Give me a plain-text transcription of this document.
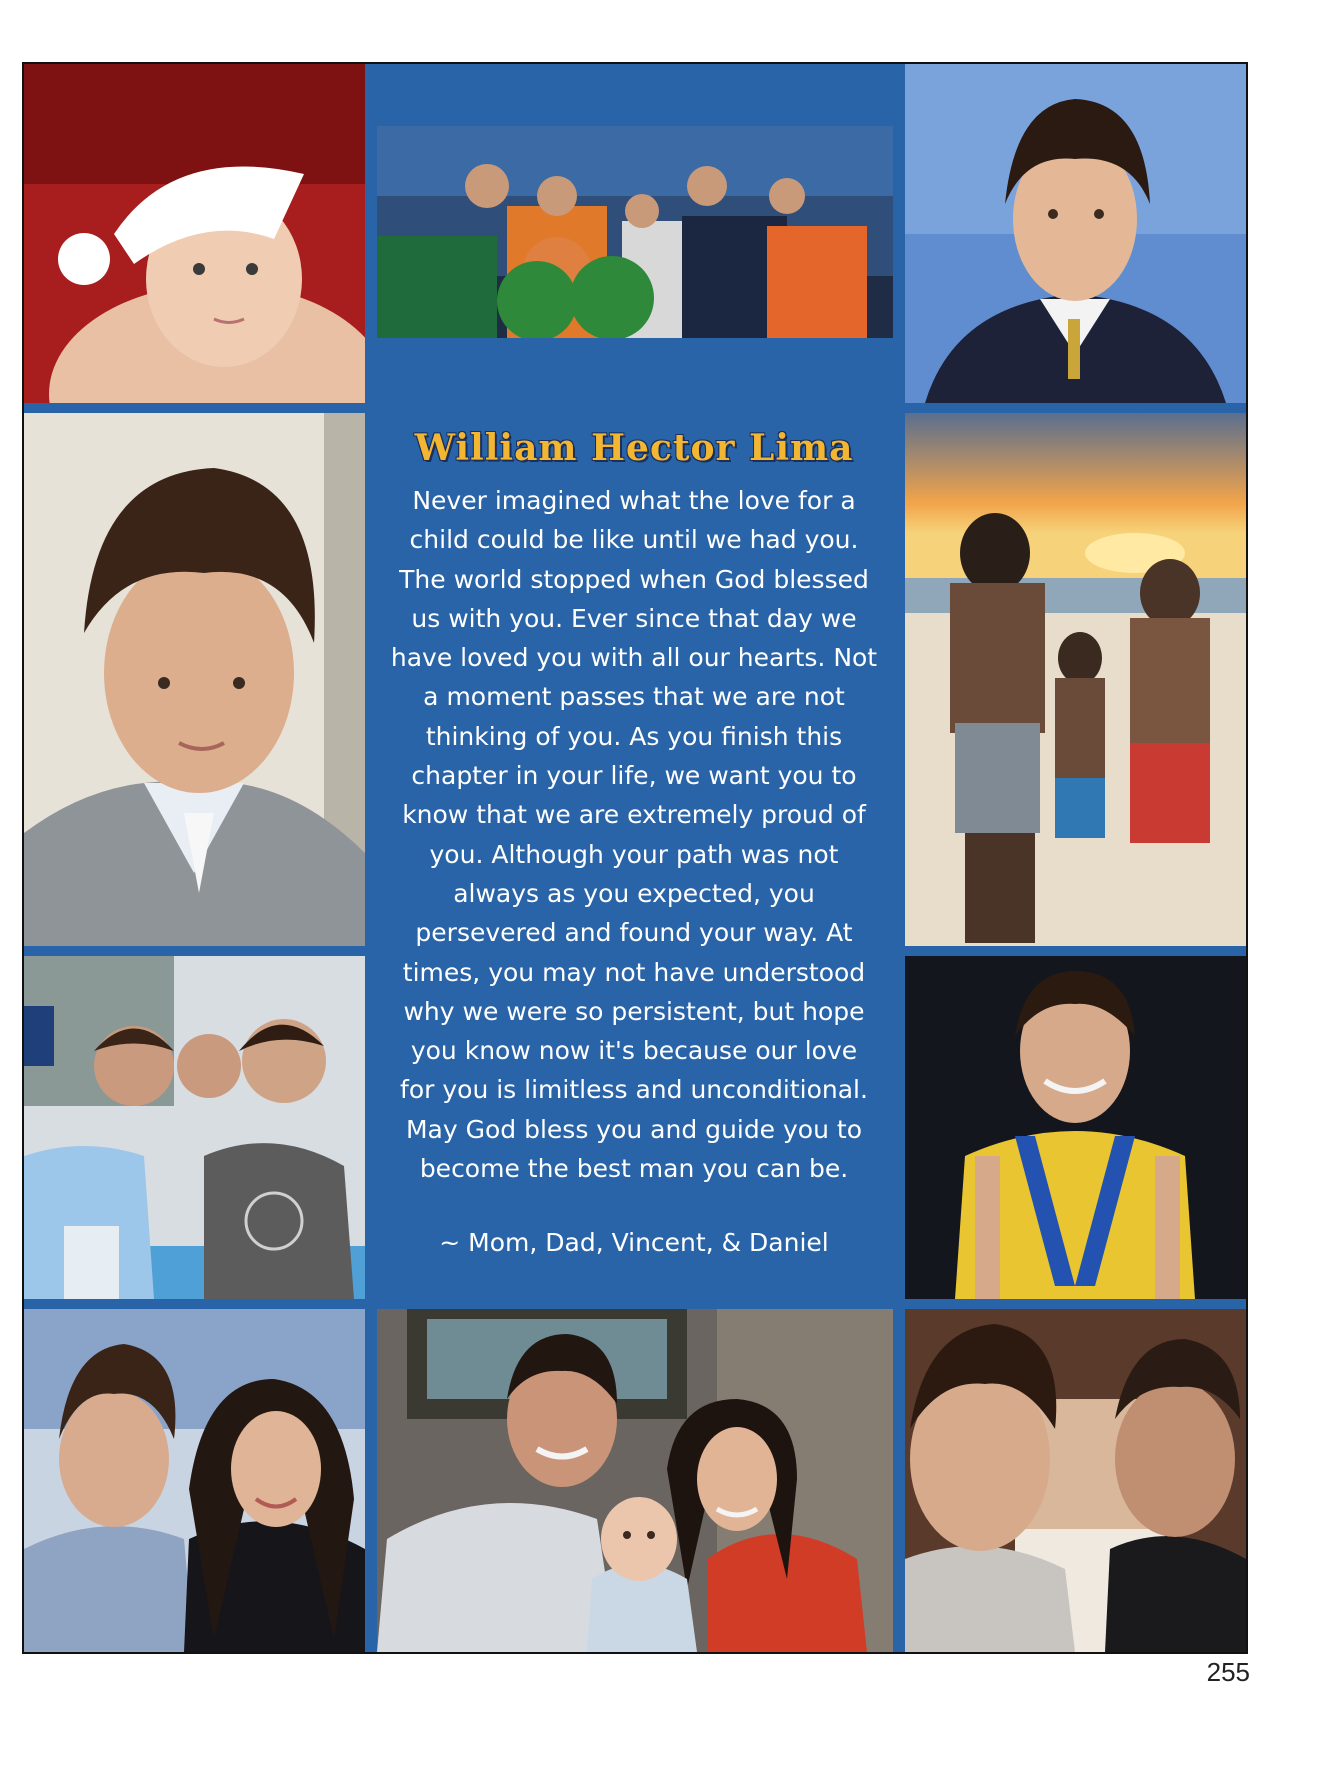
William Hector Lima
Never imagined what the love for a
child could be like until we had you.
The world stopped when God blessed
us with you. Ever since that day we
have loved you with all our hearts. Not
a moment passes that we are not
thinking of you. As you finish this
chapter in your life, we want you to
know that we are extremely proud of
you. Although your path was not
always as you expected, you
persevered and found your way. At
times, you may not have understood
why we were so persistent, but hope
you know now it's because our love
for you is limitless and unconditional.
May God bless you and guide you to
become the best man you can be.
~ Mom, Dad, Vincent, & Daniel
255
